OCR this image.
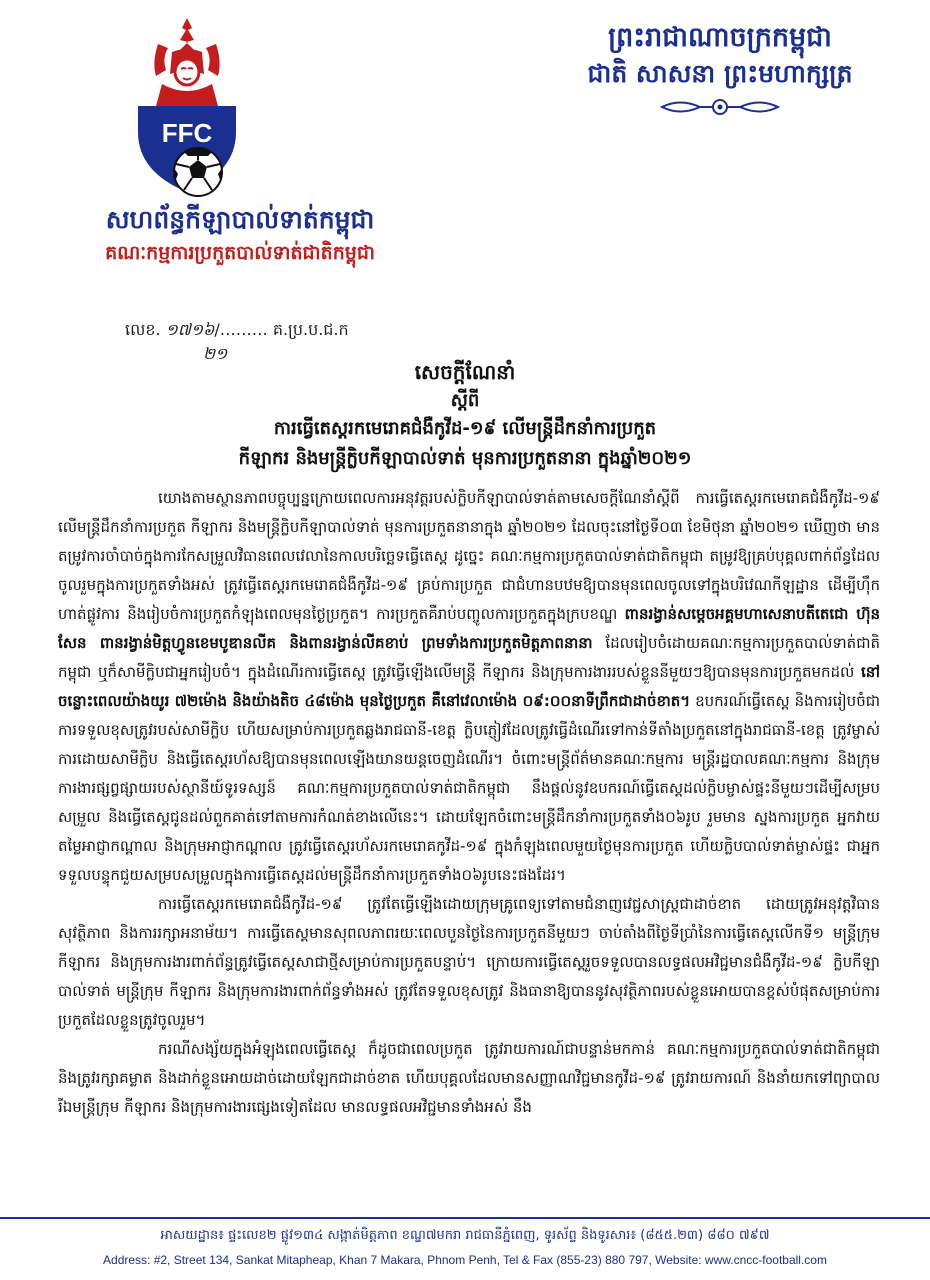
FFC
ព្រះរាជាណាចក្រកម្ពុជា
ជាតិ សាសនា ព្រះមហាក្សត្រ
សហព័ន្ធកីឡាបាល់ទាត់កម្ពុជា
គណៈកម្មការប្រកួតបាល់ទាត់ជាតិកម្ពុជា
លេខ. ១៧១៦/……… គ.ប្រ.ប.ជ.ក
២១
សេចក្តីណែនាំ
ស្តីពី
ការធ្វើតេស្តរកមេរោគជំងឺកូវីដ-១៩ លើមន្ត្រីដឹកនាំការប្រកួត
កីឡាករ និងមន្ត្រីក្លិបកីឡាបាល់ទាត់ មុនការប្រកួតនានា ក្នុងឆ្នាំ២០២១

យោងតាមស្ថានភាពបច្ចុប្បន្នក្រោយពេលការអនុវត្តរបស់ក្លិបកីឡាបាល់ទាត់តាមសេចក្តីណែនាំស្តីពី ការធ្វើតេស្តរកមេរោគជំងឺកូវីដ-១៩ លើមន្ត្រីដឹកនាំការប្រកួត កីឡាករ និងមន្ត្រីក្លិបកីឡាបាល់ទាត់ មុនការប្រកួតនានាក្នុង ឆ្នាំ២០២១ ដែលចុះនៅថ្ងៃទី០៣ ខែមិថុនា ឆ្នាំ២០២១ ឃើញថា មានតម្រូវការចាំបាច់ក្នុងការកែសម្រួលវិធានពេលវេលានៃកាលបរិច្ឆេទធ្វើតេស្ត ដូច្នេះ គណៈកម្មការប្រកួតបាល់ទាត់ជាតិកម្ពុជា តម្រូវឱ្យគ្រប់បុគ្គលពាក់ព័ន្ធដែលចូលរួមក្នុងការប្រកួតទាំងអស់ ត្រូវធ្វើតេស្តរកមេរោគជំងឺកូវីដ-១៩ គ្រប់ការប្រកួត ជាជំហានបឋមឱ្យបានមុនពេលចូលទៅក្នុងបរិវេណកីឡដ្ឋាន ដើម្បីហ៊ឹកហាត់ផ្លូវការ និងរៀបចំការប្រកួតកំឡុងពេលមុនថ្ងៃប្រកួត។ ការប្រកួតគឺរាប់បញ្ចូលការប្រកួតក្នុងក្របខណ្ឌ ពានរង្វាន់សម្តេចអគ្គមហាសេនាបតីតេជោ ហ៊ុន សែន ពានរង្វាន់មិត្តហ្វូនខេមបូឌានលីគ និងពានរង្វាន់លីគខាប់ ព្រមទាំងការប្រកួតមិត្តភាពនានា ដែលរៀបចំដោយគណៈកម្មការប្រកួតបាល់ទាត់ជាតិកម្ពុជា ឬក៏សាមីក្លិបជាអ្នករៀបចំ។ ក្នុងដំណើរការធ្វើតេស្ត ត្រូវធ្វើឡើងលើមន្ត្រី កីឡាករ និងក្រុមការងាររបស់ខ្លួននីមួយៗឱ្យបានមុនការប្រកួតមកដល់ នៅចន្លោះពេលយ៉ាងយូរ ៧២ម៉ោង និងយ៉ាងតិច ៤៨ម៉ោង មុនថ្ងៃប្រកួត គឺនៅវេលាម៉ោង ០៩:០០នាទីព្រឹកជាដាច់ខាត។ ឧបករណ៍ធ្វើតេស្ត និងការរៀបចំជាការទទួលខុសត្រូវរបស់សាមីក្លិប ហើយសម្រាប់ការប្រកួតឆ្លងរាជធានី-ខេត្ត ក្លិបភ្ញៀវដែលត្រូវធ្វើដំណើរទៅកាន់ទីតាំងប្រកួតនៅក្នុងរាជធានី-ខេត្ត ត្រូវម្ចាស់ការដោយសាមីក្លិប និងធ្វើតេស្តរហ័សឱ្យបានមុនពេលឡើងយានយន្តចេញដំណើរ។ ចំពោះមន្ត្រីព័ត៌មានគណៈកម្មការ មន្ត្រីរដ្ឋបាលគណៈកម្មការ និងក្រុមការងារផ្សព្វផ្សាយរបស់ស្ថានីយ៍ទូរទស្សន៍ គណៈកម្មការប្រកួតបាល់ទាត់ជាតិកម្ពុជា នឹងផ្តល់នូវឧបករណ៍ធ្វើតេស្តដល់ក្លិបម្ចាស់ផ្ទះនីមួយៗដើម្បីសម្របសម្រួល និងធ្វើតេស្តជូនដល់ពួកគាត់ទៅតាមការកំណត់ខាងលើនេះ។ ដោយឡែកចំពោះមន្ត្រីដឹកនាំការប្រកួតទាំង០៦រូប រួមមាន ស្នងការប្រកួត អ្នកវាយតម្លៃអាជ្ញាកណ្តាល និងក្រុមអាជ្ញាកណ្តាល ត្រូវធ្វើតេស្តរហ័សរកមេរោគកូវីដ-១៩ ក្នុងកំឡុងពេលមួយថ្ងៃមុនការប្រកួត ហើយក្លិបបាល់ទាត់ម្ចាស់ផ្ទះ ជាអ្នកទទួលបន្ទុកជួយសម្របសម្រួលក្នុងការធ្វើតេស្តដល់មន្ត្រីដឹកនាំការប្រកួតទាំង០៦រូបនេះផងដែរ។

ការធ្វើតេស្តរកមេរោគជំងឺកូវីដ-១៩ ត្រូវតែធ្វើឡើងដោយក្រុមគ្រូពេទ្យទៅតាមជំនាញវេជ្ជសាស្ត្រជាដាច់ខាត ដោយត្រូវអនុវត្តវិធានសុវត្ថិភាព និងការរក្សាអនាម័យ។ ការធ្វើតេស្តមានសុពលភាពរយៈពេលបួនថ្ងៃនៃការប្រកួតនីមួយៗ ចាប់តាំងពីថ្ងៃទីប្រាំនៃការធ្វើតេស្តលើកទី១ មន្ត្រីក្រុម កីឡាករ និងក្រុមការងារពាក់ព័ន្ធត្រូវធ្វើតេស្តសាជាថ្មីសម្រាប់ការប្រកួតបន្ទាប់។ ក្រោយការធ្វើតេស្តរួចទទួលបានលទ្ធផលអវិជ្ជមានជំងឺកូវីដ-១៩ ក្លិបកីឡាបាល់ទាត់ មន្ត្រីក្រុម កីឡាករ និងក្រុមការងារពាក់ព័ន្ធទាំងអស់ ត្រូវតែទទួលខុសត្រូវ និងធានាឱ្យបាននូវសុវត្ថិភាពរបស់ខ្លួនអោយបានខ្ពស់បំផុតសម្រាប់ការប្រកួតដែលខ្លួនត្រូវចូលរួម។

ករណីសង្ស័យក្នុងអំឡុងពេលធ្វើតេស្ត ក៏ដូចជាពេលប្រកួត ត្រូវរាយការណ៍ជាបន្ទាន់មកកាន់ គណៈកម្មការប្រកួតបាល់ទាត់ជាតិកម្ពុជា និងត្រូវរក្សាគម្លាត និងដាក់ខ្លួនអោយដាច់ដោយឡែកជាដាច់ខាត ហើយបុគ្គលដែលមានសញ្ញាណវិជ្ជមានកូវីដ-១៩ ត្រូវរាយការណ៍ និងនាំយកទៅព្យាបាល រីឯមន្ត្រីក្រុម កីឡាករ និងក្រុមការងារផ្សេងទៀតដែល មានលទ្ធផលអវិជ្ជមានទាំងអស់ នឹង

អាសយដ្ឋាន៖ ផ្ទះលេខ២ ផ្លូវ១៣៤ សង្កាត់មិត្តភាព ខណ្ឌ៧មករា រាជធានីភ្នំពេញ, ទូរស័ព្ទ និងទូរសារ៖ (៨៥៥.២៣) ៨៨០ ៧៩៧
Address: #2, Street 134, Sankat Mitapheap, Khan 7 Makara, Phnom Penh, Tel & Fax (855-23) 880 797, Website: www.cncc-football.com
